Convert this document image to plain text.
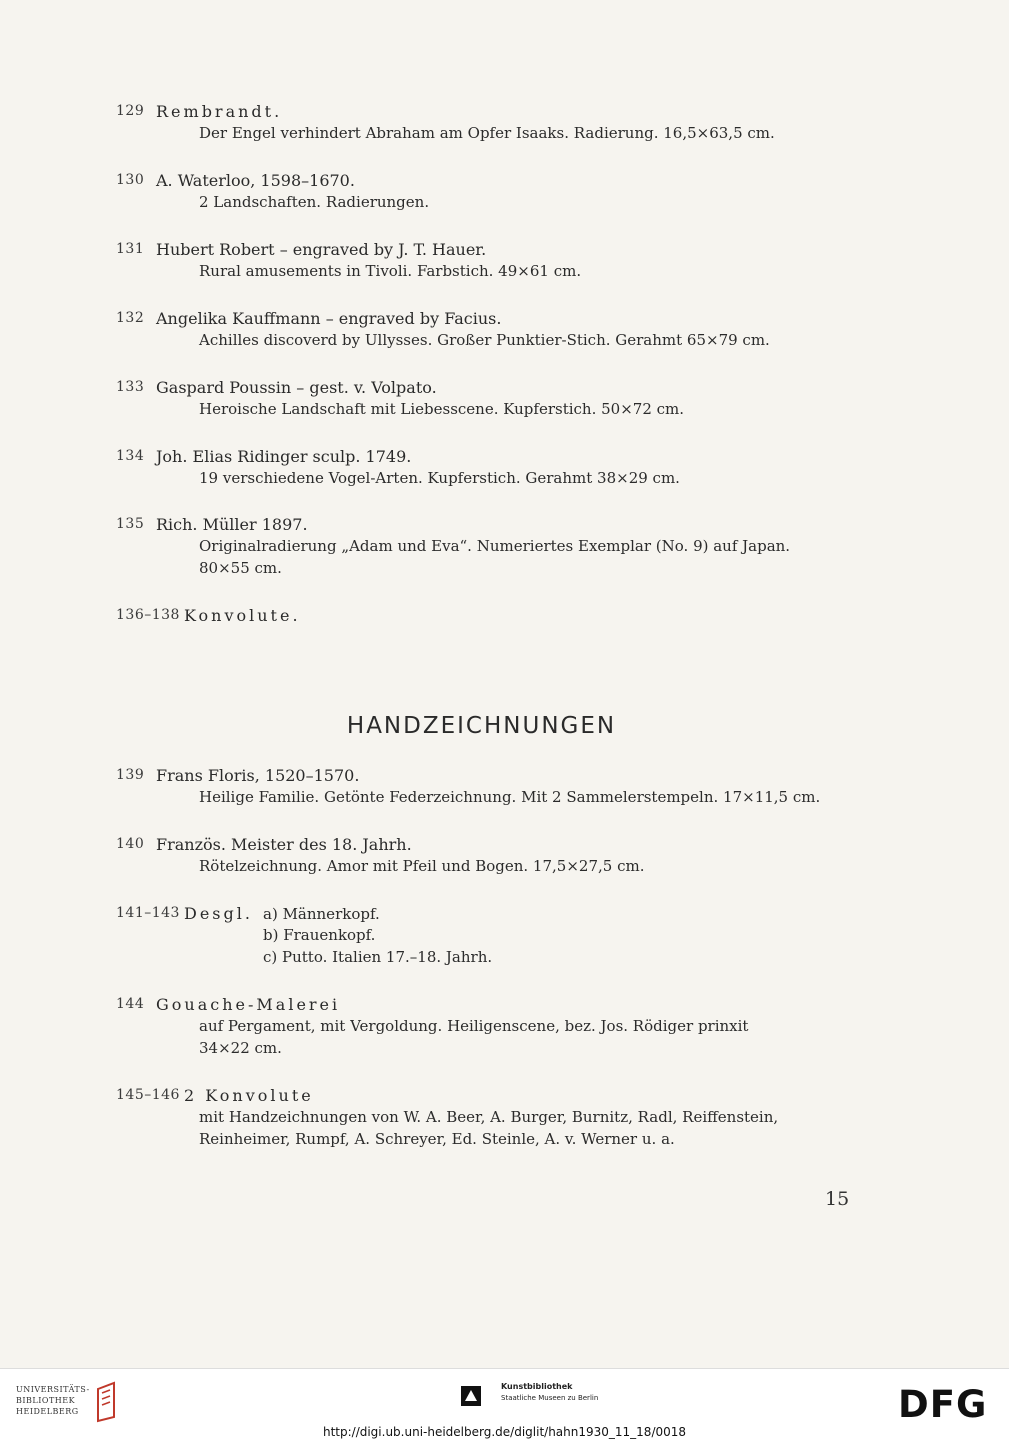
129 Rembrandt.
Der Engel verhindert Abraham am Opfer Isaaks. Radierung. 16,5×63,5 cm.
130 A. Waterloo, 1598–1670.
2 Landschaften. Radierungen.
131 Hubert Robert – engraved by J. T. Hauer.
Rural amusements in Tivoli. Farbstich. 49×61 cm.
132 Angelika Kauffmann – engraved by Facius.
Achilles discoverd by Ullysses. Großer Punktier-Stich. Gerahmt 65×79 cm.
133 Gaspard Poussin – gest. v. Volpato.
Heroische Landschaft mit Liebesscene. Kupferstich. 50×72 cm.
134 Joh. Elias Ridinger sculp. 1749.
19 verschiedene Vogel-Arten. Kupferstich. Gerahmt 38×29 cm.
135 Rich. Müller 1897.
Originalradierung „Adam und Eva“. Numeriertes Exemplar (No. 9) auf Japan.
80×55 cm.
136–138 Konvolute.
HANDZEICHNUNGEN
139 Frans Floris, 1520–1570.
Heilige Familie. Getönte Federzeichnung. Mit 2 Sammelerstempeln. 17×11,5 cm.
140 Französ. Meister des 18. Jahrh.
Rötelzeichnung. Amor mit Pfeil und Bogen. 17,5×27,5 cm.
141–143 Desgl. a) Männerkopf.
b) Frauenkopf.
c) Putto. Italien 17.–18. Jahrh.
144 Gouache-Malerei
auf Pergament, mit Vergoldung. Heiligenscene, bez. Jos. Rödiger prinxit
34×22 cm.
145–146 2 Konvolute
mit Handzeichnungen von W. A. Beer, A. Burger, Burnitz, Radl, Reiffenstein,
Reinheimer, Rumpf, A. Schreyer, Ed. Steinle, A. v. Werner u. a.
15
UNIVERSITÄTS-
BIBLIOTHEK
HEIDELBERG
Kunstbibliothek
Staatliche Museen zu Berlin	DFG
http://digi.ub.uni-heidelberg.de/diglit/hahn1930_11_18/0018
